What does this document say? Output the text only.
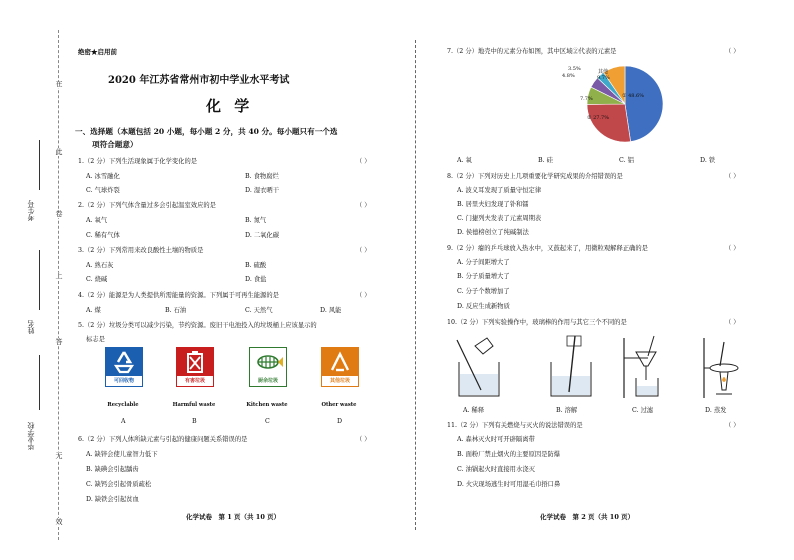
在
此
卷
上
答
无
效
考生号
姓名
毕业学校
绝密★启用前
2020 年江苏省常州市初中学业水平考试
化 学
一、选择题（本题包括 20 小题，每小题 2 分，共 40 分。每小题只有一个选
项符合题意）
1.（2 分）下列生活现象属于化学变化的是	（ ）
A. 冰雪融化	B. 食物腐烂
C. 气球炸裂	D. 湿衣晒干
2.（2 分）下列气体含量过多会引起温室效应的是	（ ）
A. 氧气	B. 氮气
C. 稀有气体	D. 二氧化碳
3.（2 分）下列常用来改良酸性土壤的物质是	（ ）
A. 熟石灰	B. 硫酸
C. 烧碱	D. 食盐
4.（2 分）能源是为人类提供所需能量的资源。下列属于可再生能源的是	（ ）
A. 煤	B. 石油	C. 天然气	D. 风能
5.（2 分）垃圾分类可以减少污染，节约资源。废旧干电池投入的垃圾桶上应该显示的
标志是
可回收物
Recyclable
A
有害垃圾
Harmful waste
B
厨余垃圾
Kitchen waste
C
其他垃圾
Other waste
D
6.（2 分）下列人体所缺元素与引起的健康问题关系错误的是	（ ）
A. 缺锌会使儿童智力低下
B. 缺碘会引起龋齿
C. 缺钙会引起骨质疏松
D. 缺铁会引起贫血
化学试卷　第 1 页（共 10 页）
7.（2 分）地壳中的元素分布如图，其中区域②代表的元素是	（ ）
① 48.6%
② 27.7%
7.7%
4.8%
3.5%	其他
9.7%
A. 氧	B. 硅	C. 铝	D. 铁
8.（2 分）下列对历史上几项重要化学研究成果的介绍错误的是	（ ）
A. 波义耳发现了质量守恒定律
B. 居里夫妇发现了钋和镭
C. 门捷列夫发表了元素周期表
D. 侯德榜创立了纯碱制法
9.（2 分）瘪的乒乓球放入热水中，又鼓起来了，用微粒观解释正确的是	（ ）
A. 分子间距增大了
B. 分子质量增大了
C. 分子个数增加了
D. 反应生成新物质
10.（2 分）下列实验操作中，玻璃棒的作用与其它三个不同的是	（ ）
A. 稀释	B. 溶解	C. 过滤	D. 蒸发
11.（2 分）下列有关燃烧与灭火的说法错误的是	（ ）
A. 森林灭火时可开辟隔离带
B. 面粉厂禁止烟火的主要原因是防爆
C. 油锅起火时直接用水浇灭
D. 火灾现场逃生时可用湿毛巾捂口鼻
化学试卷　第 2 页（共 10 页）
